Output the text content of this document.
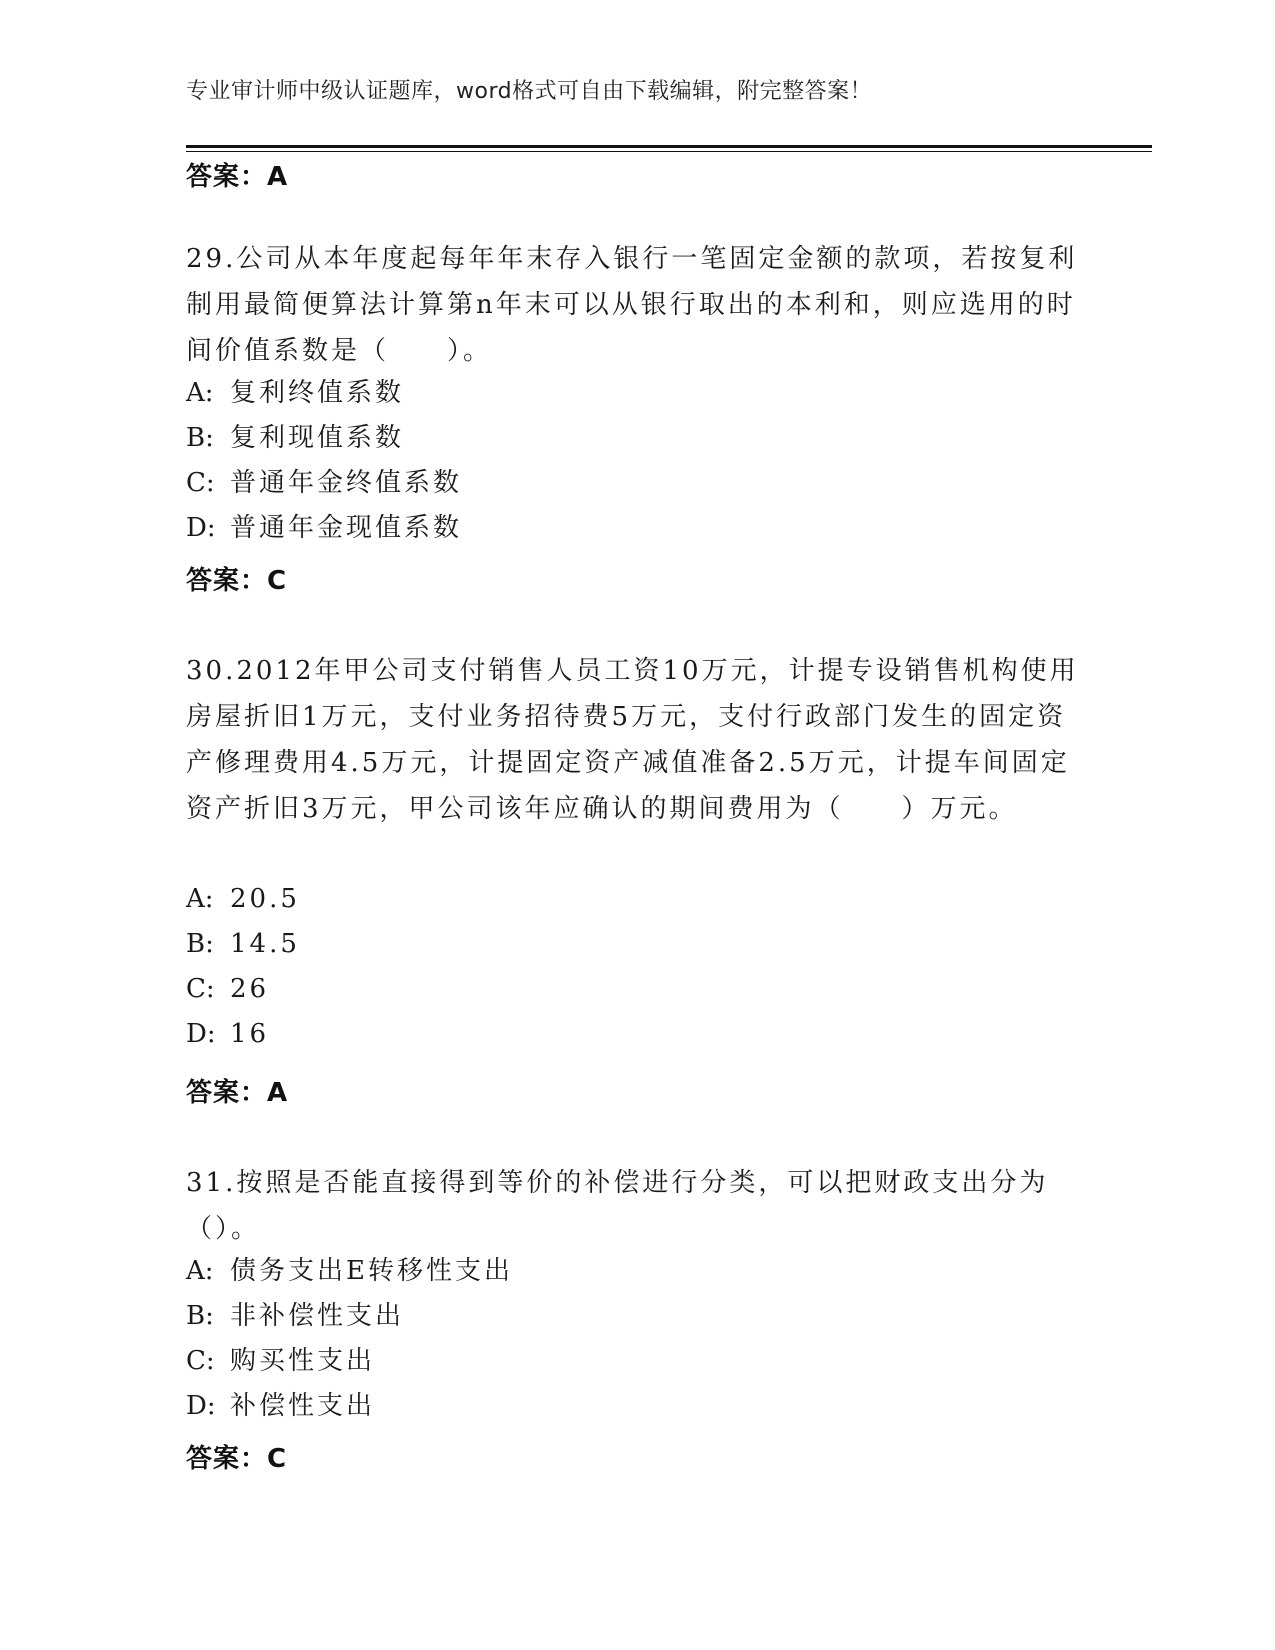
专业审计师中级认证题库，word格式可自由下载编辑，附完整答案！
答案：A
29.公司从本年度起每年年末存入银行一笔固定金额的款项，若按复利制用最简便算法计算第n年末可以从银行取出的本利和，则应选用的时间价值系数是（　　）。
A: 复利终值系数
B: 复利现值系数
C: 普通年金终值系数
D: 普通年金现值系数
答案：C
30.2012年甲公司支付销售人员工资10万元，计提专设销售机构使用房屋折旧1万元，支付业务招待费5万元，支付行政部门发生的固定资产修理费用4.5万元，计提固定资产减值准备2.5万元，计提车间固定资产折旧3万元，甲公司该年应确认的期间费用为（　　）万元。
A: 20.5
B: 14.5
C: 26
D: 16
答案：A
31.按照是否能直接得到等价的补偿进行分类，可以把财政支出分为（）。
A: 债务支出E转移性支出
B: 非补偿性支出
C: 购买性支出
D: 补偿性支出
答案：C
